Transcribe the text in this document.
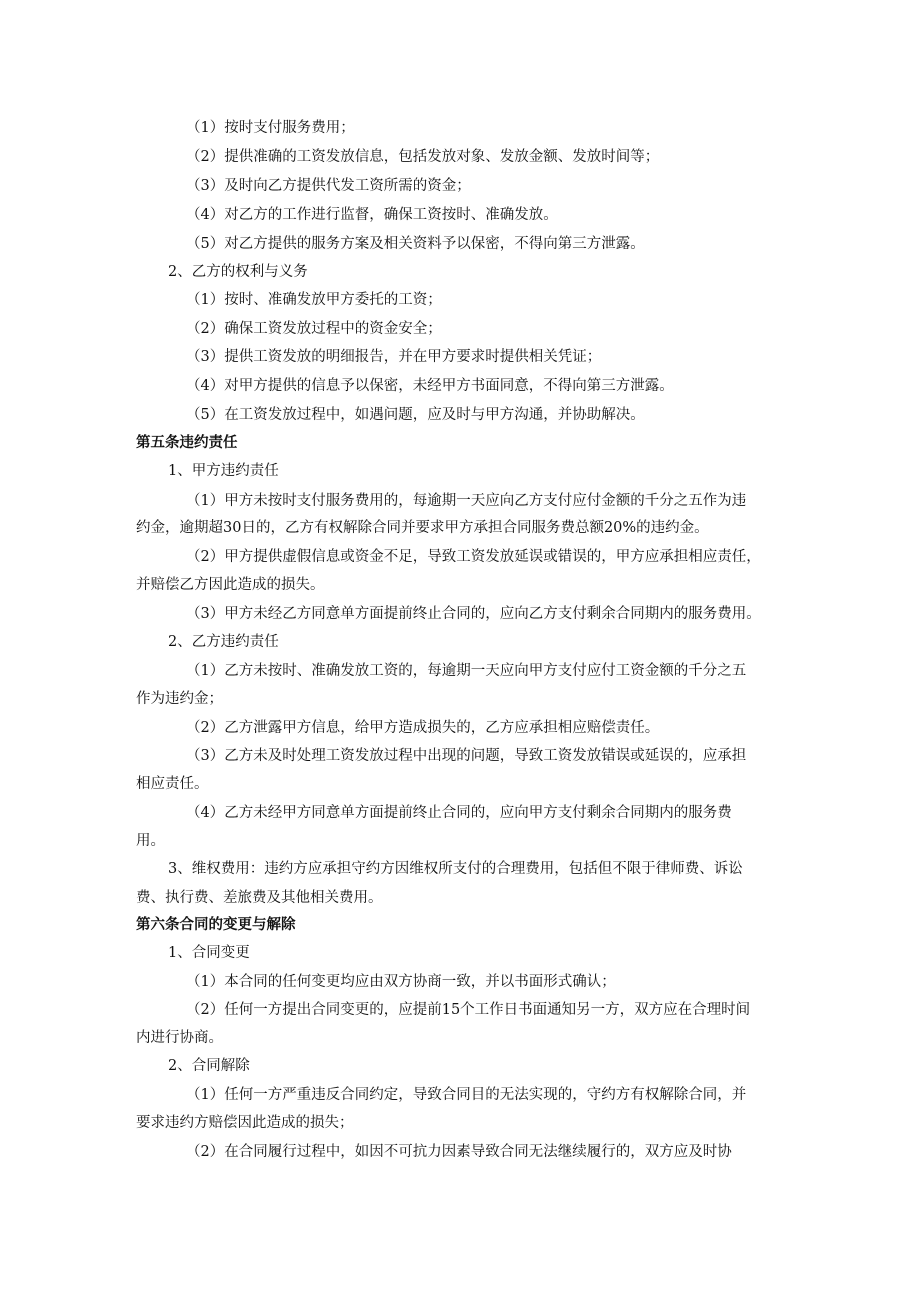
（1）按时支付服务费用；
（2）提供准确的工资发放信息，包括发放对象、发放金额、发放时间等；
（3）及时向乙方提供代发工资所需的资金；
（4）对乙方的工作进行监督，确保工资按时、准确发放。
（5）对乙方提供的服务方案及相关资料予以保密，不得向第三方泄露。
2、乙方的权利与义务
（1）按时、准确发放甲方委托的工资；
（2）确保工资发放过程中的资金安全；
（3）提供工资发放的明细报告，并在甲方要求时提供相关凭证；
（4）对甲方提供的信息予以保密，未经甲方书面同意，不得向第三方泄露。
（5）在工资发放过程中，如遇问题，应及时与甲方沟通，并协助解决。
第五条违约责任
1、甲方违约责任
（1）甲方未按时支付服务费用的，每逾期一天应向乙方支付应付金额的千分之五作为违
约金，逾期超30日的，乙方有权解除合同并要求甲方承担合同服务费总额20%的违约金。
（2）甲方提供虚假信息或资金不足，导致工资发放延误或错误的，甲方应承担相应责任，
并赔偿乙方因此造成的损失。
（3）甲方未经乙方同意单方面提前终止合同的，应向乙方支付剩余合同期内的服务费用。
2、乙方违约责任
（1）乙方未按时、准确发放工资的，每逾期一天应向甲方支付应付工资金额的千分之五
作为违约金；
（2）乙方泄露甲方信息，给甲方造成损失的，乙方应承担相应赔偿责任。
（3）乙方未及时处理工资发放过程中出现的问题，导致工资发放错误或延误的，应承担
相应责任。
（4）乙方未经甲方同意单方面提前终止合同的，应向甲方支付剩余合同期内的服务费
用。
3、维权费用：违约方应承担守约方因维权所支付的合理费用，包括但不限于律师费、诉讼
费、执行费、差旅费及其他相关费用。
第六条合同的变更与解除
1、合同变更
（1）本合同的任何变更均应由双方协商一致，并以书面形式确认；
（2）任何一方提出合同变更的，应提前15个工作日书面通知另一方，双方应在合理时间
内进行协商。
2、合同解除
（1）任何一方严重违反合同约定，导致合同目的无法实现的，守约方有权解除合同，并
要求违约方赔偿因此造成的损失；
（2）在合同履行过程中，如因不可抗力因素导致合同无法继续履行的，双方应及时协
